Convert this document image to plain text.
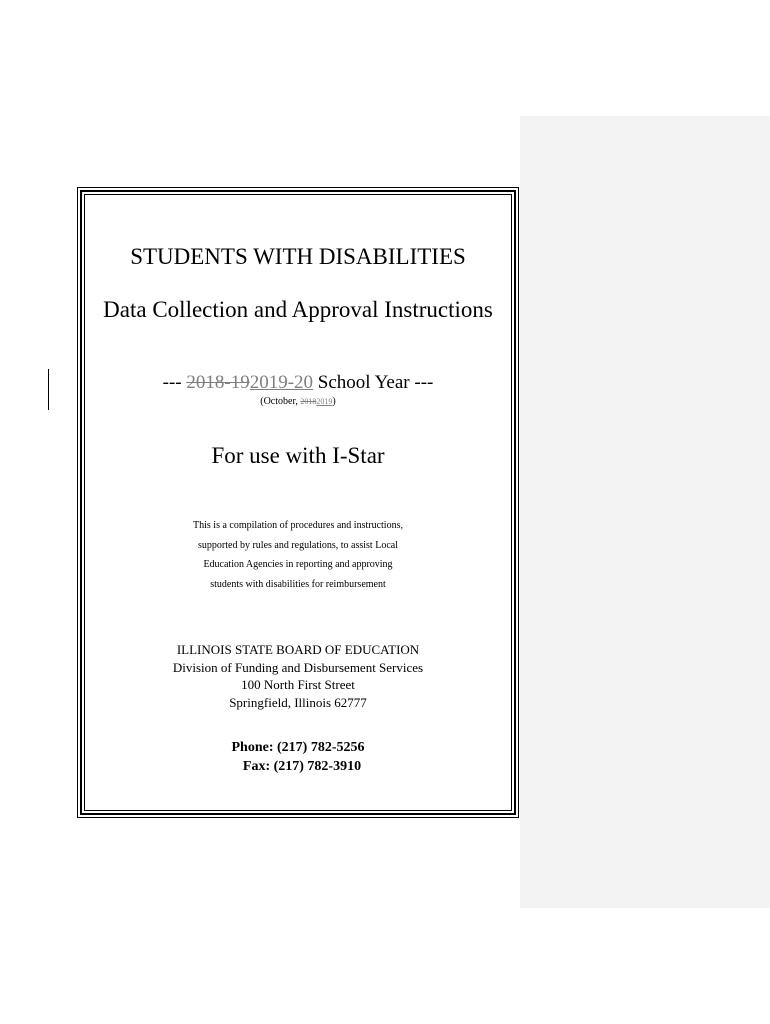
STUDENTS WITH DISABILITIES
Data Collection and Approval Instructions
--- 2018-192019-20 School Year ---
(October, 20182019)
For use with I-Star
This is a compilation of procedures and instructions,
supported by rules and regulations, to assist Local
Education Agencies in reporting and approving
students with disabilities for reimbursement
ILLINOIS STATE BOARD OF EDUCATION
Division of Funding and Disbursement Services
100 North First Street
Springfield, Illinois 62777
Phone: (217) 782-5256
Fax: (217) 782-3910
